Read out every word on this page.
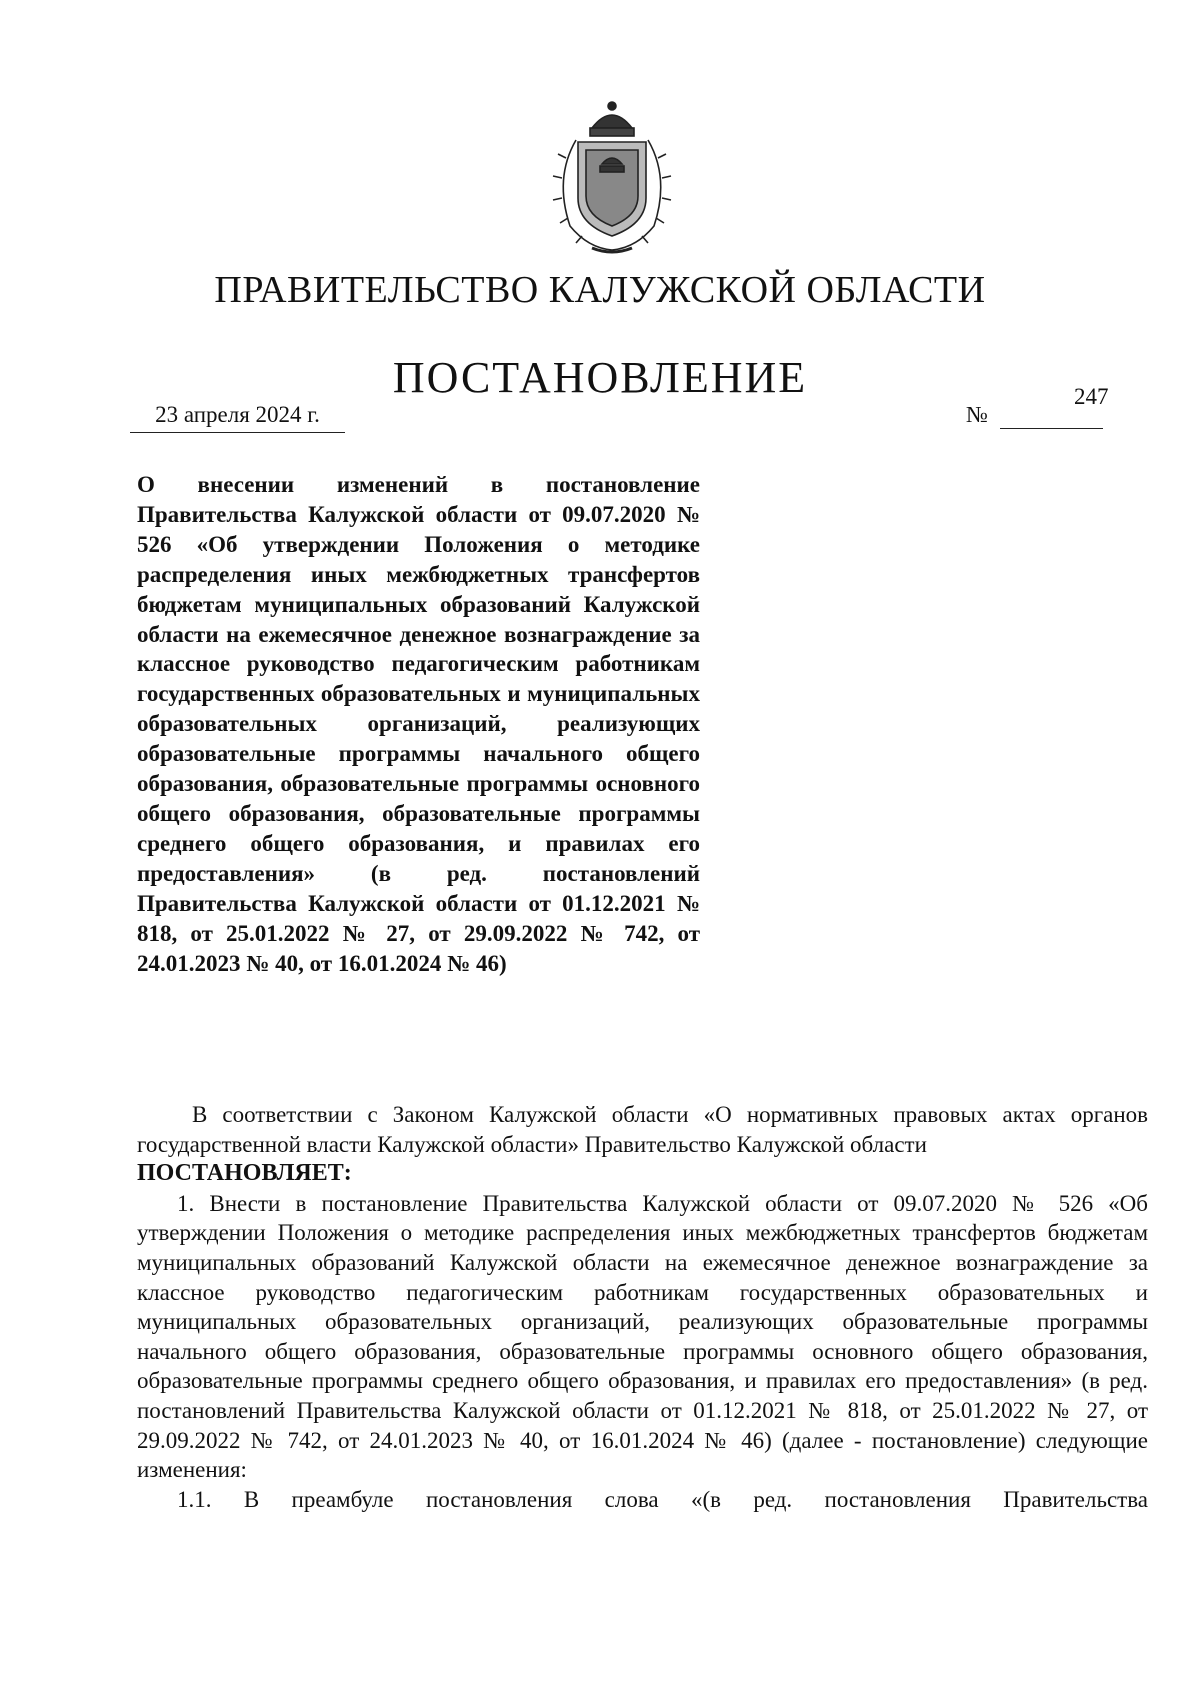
ПРАВИТЕЛЬСТВО КАЛУЖСКОЙ ОБЛАСТИ
ПОСТАНОВЛЕНИЕ
23 апреля 2024 г.	№
247
О внесении изменений в постановление Правительства Калужской области от 09.07.2020 № 526 «Об утверждении Положения о методике распределения иных межбюджетных трансфертов бюджетам муниципальных образований Калужской области на ежемесячное денежное вознаграждение за классное руководство педагогическим работникам государственных образовательных и муниципальных образовательных организаций, реализующих образовательные программы начального общего образования, образовательные программы основного общего образования, образовательные программы среднего общего образования, и правилах его предоставления» (в ред. постановлений Правительства Калужской области от 01.12.2021 № 818, от 25.01.2022 № 27, от 29.09.2022 № 742, от 24.01.2023 № 40, от 16.01.2024 № 46)

В соответствии с Законом Калужской области «О нормативных правовых актах органов государственной власти Калужской области» Правительство Калужской области

ПОСТАНОВЛЯЕТ:

1. Внести в постановление Правительства Калужской области от 09.07.2020 № 526 «Об утверждении Положения о методике распределения иных межбюджетных трансфертов бюджетам муниципальных образований Калужской области на ежемесячное денежное вознаграждение за классное руководство педагогическим работникам государственных образовательных и муниципальных образовательных организаций, реализующих образовательные программы начального общего образования, образовательные программы основного общего образования, образовательные программы среднего общего образования, и правилах его предоставления» (в ред. постановлений Правительства Калужской области от 01.12.2021 № 818, от 25.01.2022 № 27, от 29.09.2022 № 742, от 24.01.2023 № 40, от 16.01.2024 № 46) (далее - постановление) следующие изменения:

1.1. В преамбуле постановления слова «(в ред. постановления Правительства
